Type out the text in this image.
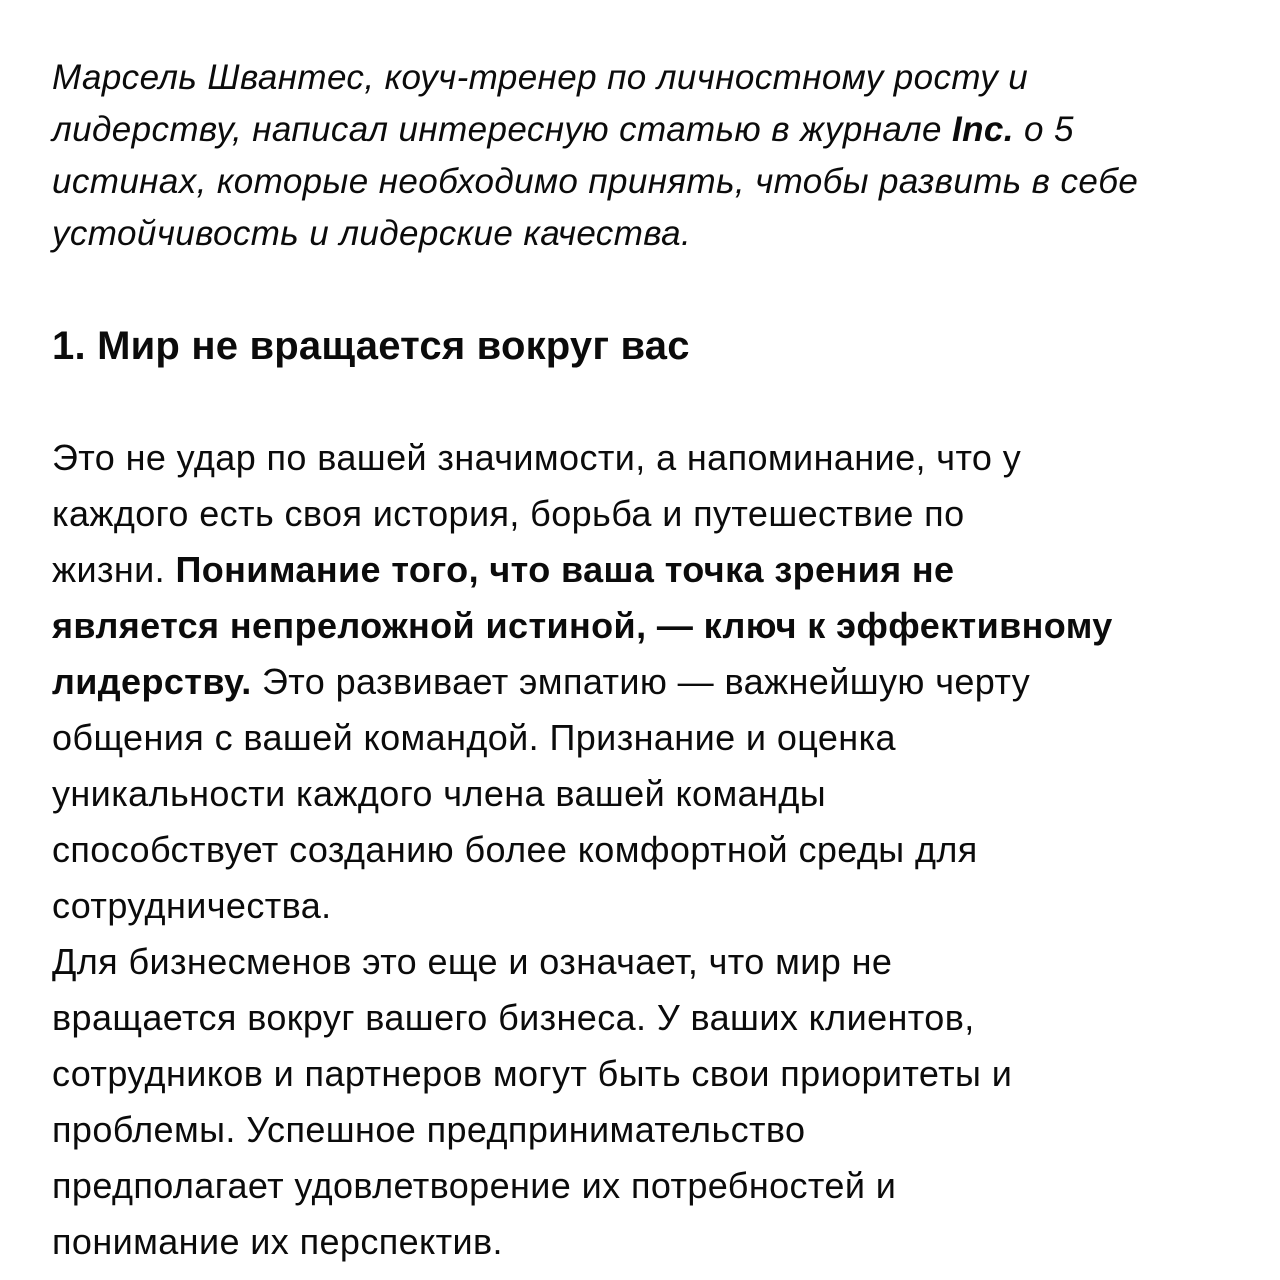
Марсель Швантес, коуч-тренер по личностному росту и
лидерству, написал интересную статью в журнале Inc. о 5
истинах, которые необходимо принять, чтобы развить в себе
устойчивость и лидерские качества.

1. Мир не вращается вокруг вас

Это не удар по вашей значимости, а напоминание, что у
каждого есть своя история, борьба и путешествие по
жизни. Понимание того, что ваша точка зрения не
является непреложной истиной, — ключ к эффективному
лидерству. Это развивает эмпатию — важнейшую черту
общения с вашей командой. Признание и оценка
уникальности каждого члена вашей команды
способствует созданию более комфортной среды для
сотрудничества.

Для бизнесменов это еще и означает, что мир не
вращается вокруг вашего бизнеса. У ваших клиентов,
сотрудников и партнеров могут быть свои приоритеты и
проблемы. Успешное предпринимательство
предполагает удовлетворение их потребностей и
понимание их перспектив.
